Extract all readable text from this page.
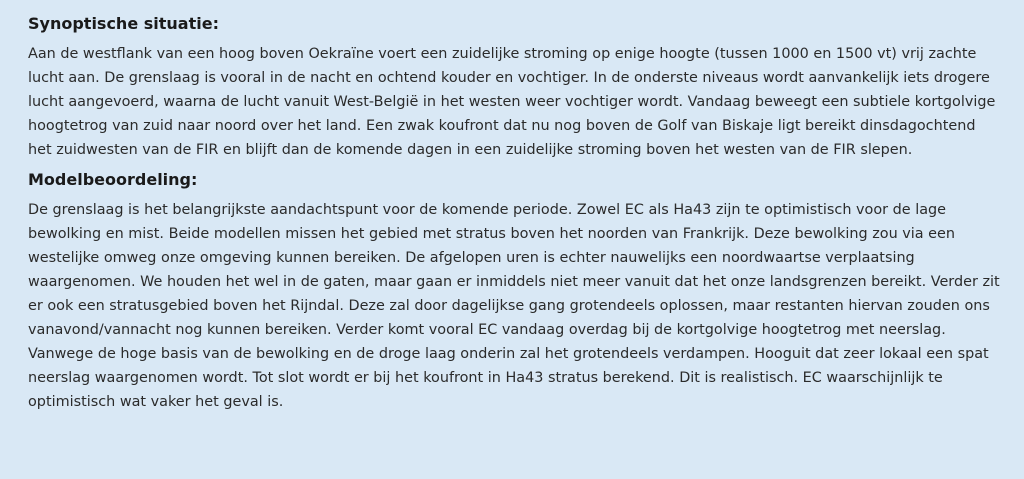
Synoptische situatie:

Aan de westflank van een hoog boven Oekraïne voert een zuidelijke stroming op enige hoogte (tussen 1000 en 1500 vt) vrij zachte
lucht aan. De grenslaag is vooral in de nacht en ochtend kouder en vochtiger. In de onderste niveaus wordt aanvankelijk iets drogere
lucht aangevoerd, waarna de lucht vanuit West-België in het westen weer vochtiger wordt. Vandaag beweegt een subtiele kortgolvige
hoogtetrog van zuid naar noord over het land. Een zwak koufront dat nu nog boven de Golf van Biskaje ligt bereikt dinsdagochtend
het zuidwesten van de FIR en blijft dan de komende dagen in een zuidelijke stroming boven het westen van de FIR slepen.

Modelbeoordeling:

De grenslaag is het belangrijkste aandachtspunt voor de komende periode. Zowel EC als Ha43 zijn te optimistisch voor de lage
bewolking en mist. Beide modellen missen het gebied met stratus boven het noorden van Frankrijk. Deze bewolking zou via een
westelijke omweg onze omgeving kunnen bereiken. De afgelopen uren is echter nauwelijks een noordwaartse verplaatsing
waargenomen. We houden het wel in de gaten, maar gaan er inmiddels niet meer vanuit dat het onze landsgrenzen bereikt. Verder zit
er ook een stratusgebied boven het Rijndal. Deze zal door dagelijkse gang grotendeels oplossen, maar restanten hiervan zouden ons
vanavond/vannacht nog kunnen bereiken. Verder komt vooral EC vandaag overdag bij de kortgolvige hoogtetrog met neerslag.
Vanwege de hoge basis van de bewolking en de droge laag onderin zal het grotendeels verdampen. Hooguit dat zeer lokaal een spat
neerslag waargenomen wordt. Tot slot wordt er bij het koufront in Ha43 stratus berekend. Dit is realistisch. EC waarschijnlijk te
optimistisch wat vaker het geval is.
